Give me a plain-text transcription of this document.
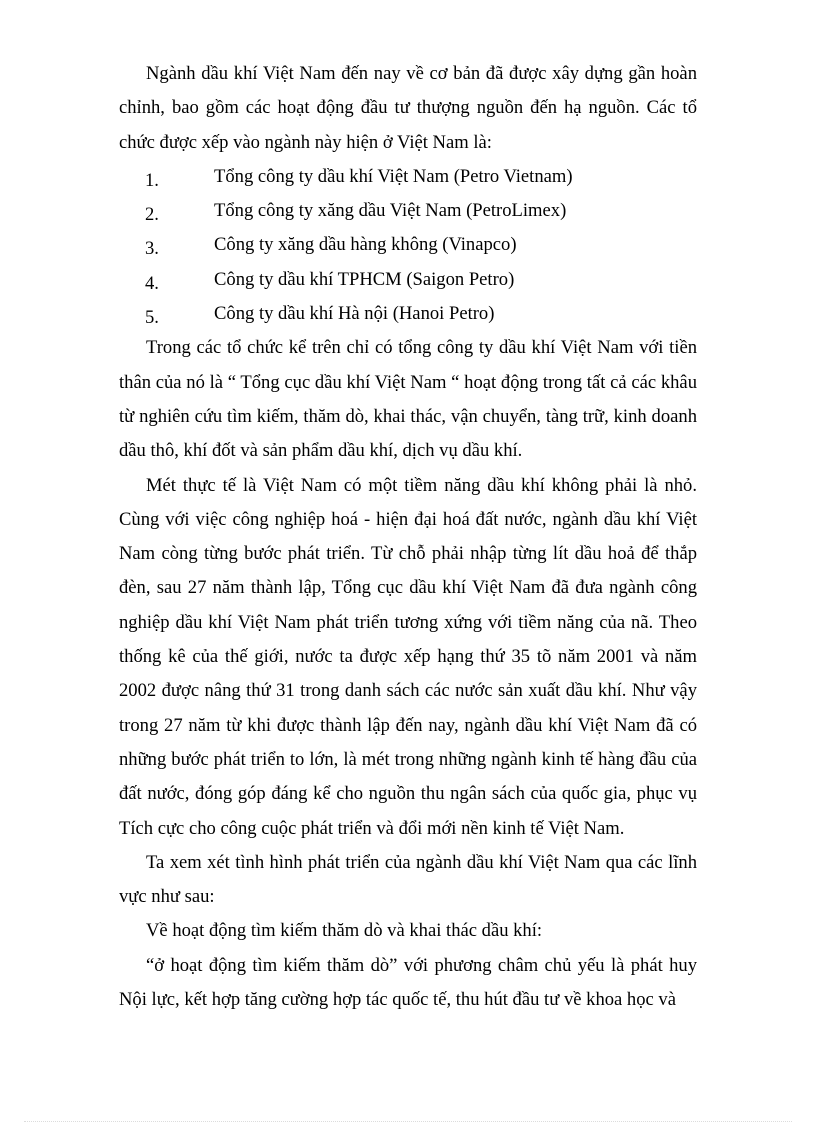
Ngành dầu khí Việt Nam đến nay về cơ bản đã được xây dựng gần hoàn chỉnh, bao gồm các hoạt động đầu tư thượng nguồn đến hạ nguồn. Các tổ chức được xếp vào ngành này hiện ở Việt Nam là:

1.	Tổng công ty dầu khí Việt Nam (Petro Vietnam)
2.	Tổng công ty xăng dầu Việt Nam (PetroLimex)
3.	Công ty xăng dầu hàng không (Vinapco)
4.	Công ty dầu khí TPHCM (Saigon Petro)
5.	Công ty dầu khí Hà nội (Hanoi Petro)

Trong các tổ chức kể trên chỉ có tổng công ty dầu khí Việt Nam với tiền thân của nó là “ Tổng cục dầu khí Việt Nam “ hoạt động trong tất cả các khâu từ nghiên cứu tìm kiếm, thăm dò, khai thác, vận chuyển, tàng trữ, kinh doanh dầu thô, khí đốt và sản phẩm dầu khí, dịch vụ dầu khí.

Mét thực tế là Việt Nam có một tiềm năng dầu khí không phải là nhỏ. Cùng với việc công nghiệp hoá - hiện đại hoá đất nước, ngành dầu khí Việt Nam còng từng bước phát triển. Từ chỗ phải nhập từng lít dầu hoả để thắp đèn, sau 27 năm thành lập, Tổng cục dầu khí Việt Nam đã đưa ngành công nghiệp dầu khí Việt Nam phát triển tương xứng với tiềm năng của nã. Theo thống kê của thế giới, nước ta được xếp hạng thứ 35 tõ năm 2001 và năm 2002 được nâng thứ 31 trong danh sách các nước sản xuất dầu khí. Như vậy trong 27 năm từ khi được thành lập đến nay, ngành dầu khí Việt Nam đã có những bước phát triển to lớn, là mét trong những ngành kinh tế hàng đầu của đất nước, đóng góp đáng kể cho nguồn thu ngân sách của quốc gia, phục vụ Tích cực cho công cuộc phát triển và đổi mới nền kinh tế Việt Nam.

Ta xem xét tình hình phát triển của ngành dầu khí Việt Nam qua các lĩnh vực như sau:

Về hoạt động tìm kiếm thăm dò và khai thác dầu khí:

“ở hoạt động tìm kiếm thăm dò” với phương châm chủ yếu là phát huy Nội lực, kết hợp tăng cường hợp tác quốc tế, thu hút đầu tư về khoa học và
